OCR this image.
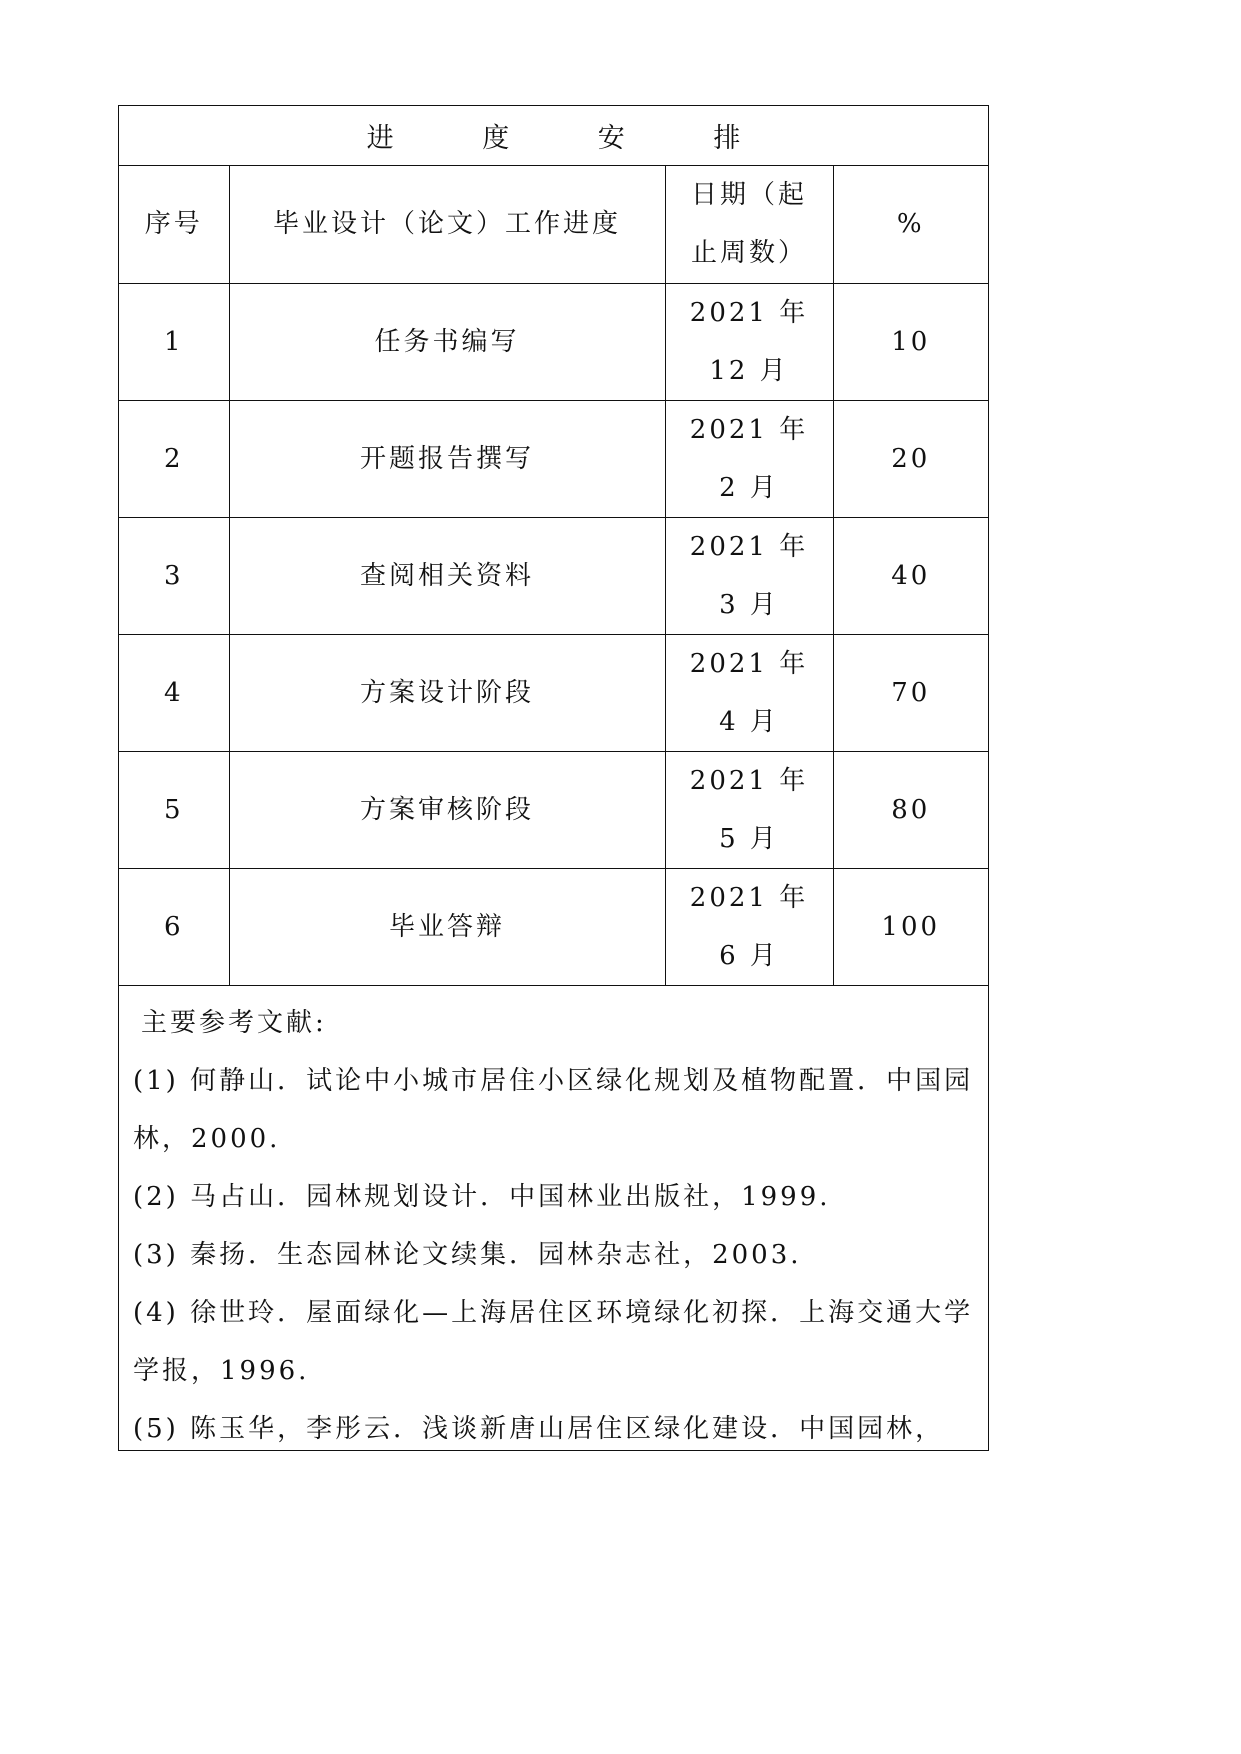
进 度 安 排
序号	毕业设计（论文）工作进度	日期（起止周数）	%
1	任务书编写	2021 年 12 月	10
2	开题报告撰写	2021 年 2 月	20
3	查阅相关资料	2021 年 3 月	40
4	方案设计阶段	2021 年 4 月	70
5	方案审核阶段	2021 年 5 月	80
6	毕业答辩	2021 年 6 月	100
主要参考文献:

(1) 何静山．试论中小城市居住小区绿化规划及植物配置．中国园林，2000.

(2) 马占山．园林规划设计．中国林业出版社，1999.

(3) 秦扬．生态园林论文续集．园林杂志社，2003.

(4) 徐世玲．屋面绿化—上海居住区环境绿化初探．上海交通大学学报，1996.

(5) 陈玉华，李彤云．浅谈新唐山居住区绿化建设．中国园林，
